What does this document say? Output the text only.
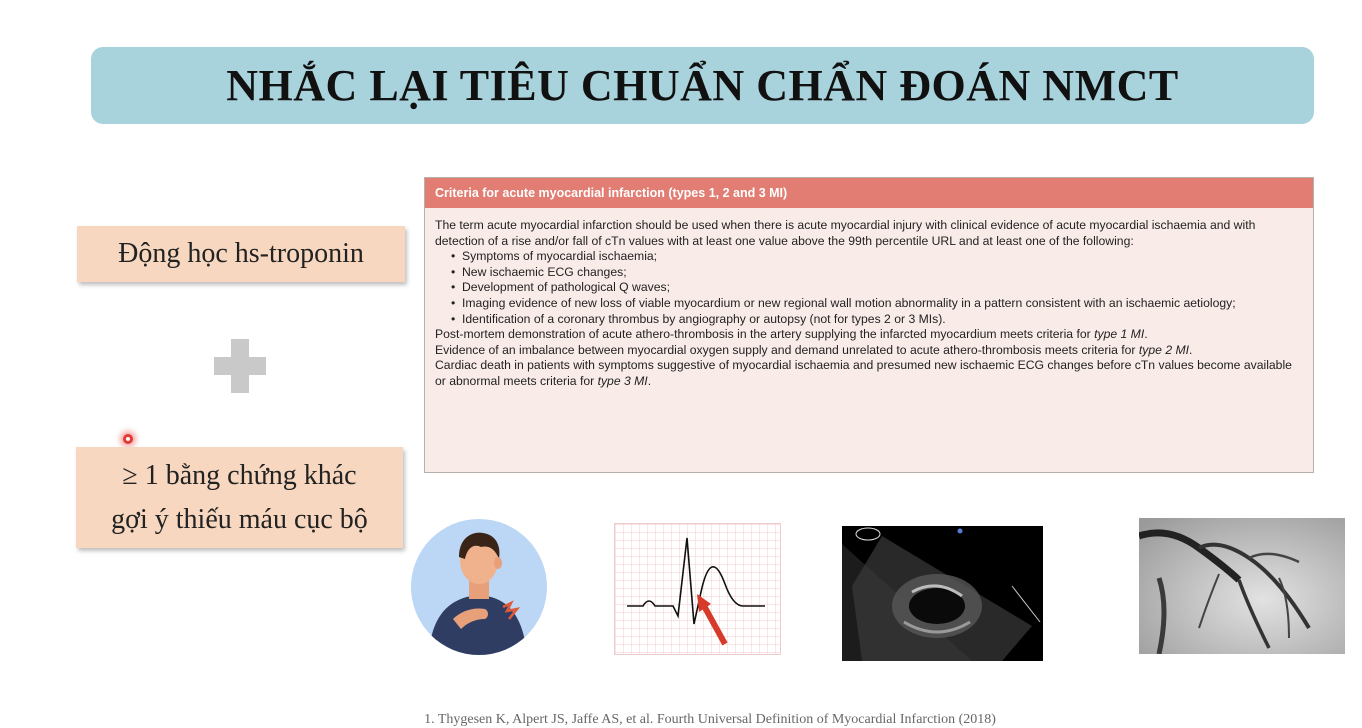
NHẮC LẠI TIÊU CHUẨN CHẨN ĐOÁN NMCT
Động học hs-troponin
≥ 1 bằng chứng khác
gợi ý thiếu máu cục bộ
Criteria for acute myocardial infarction (types 1, 2 and 3 MI)

The term acute myocardial infarction should be used when there is acute myocardial injury with clinical evidence of acute myocardial ischaemia and with detection of a rise and/or fall of cTn values with at least one value above the 99th percentile URL and at least one of the following:

• Symptoms of myocardial ischaemia;
• New ischaemic ECG changes;
• Development of pathological Q waves;
• Imaging evidence of new loss of viable myocardium or new regional wall motion abnormality in a pattern consistent with an ischaemic aetiology;
• Identification of a coronary thrombus by angiography or autopsy (not for types 2 or 3 MIs).

Post-mortem demonstration of acute athero-thrombosis in the artery supplying the infarcted myocardium meets criteria for type 1 MI.

Evidence of an imbalance between myocardial oxygen supply and demand unrelated to acute athero-thrombosis meets criteria for type 2 MI.

Cardiac death in patients with symptoms suggestive of myocardial ischaemia and presumed new ischaemic ECG changes before cTn values become available or abnormal meets criteria for type 3 MI.

1. Thygesen K, Alpert JS, Jaffe AS, et al. Fourth Universal Definition of Myocardial Infarction (2018)
